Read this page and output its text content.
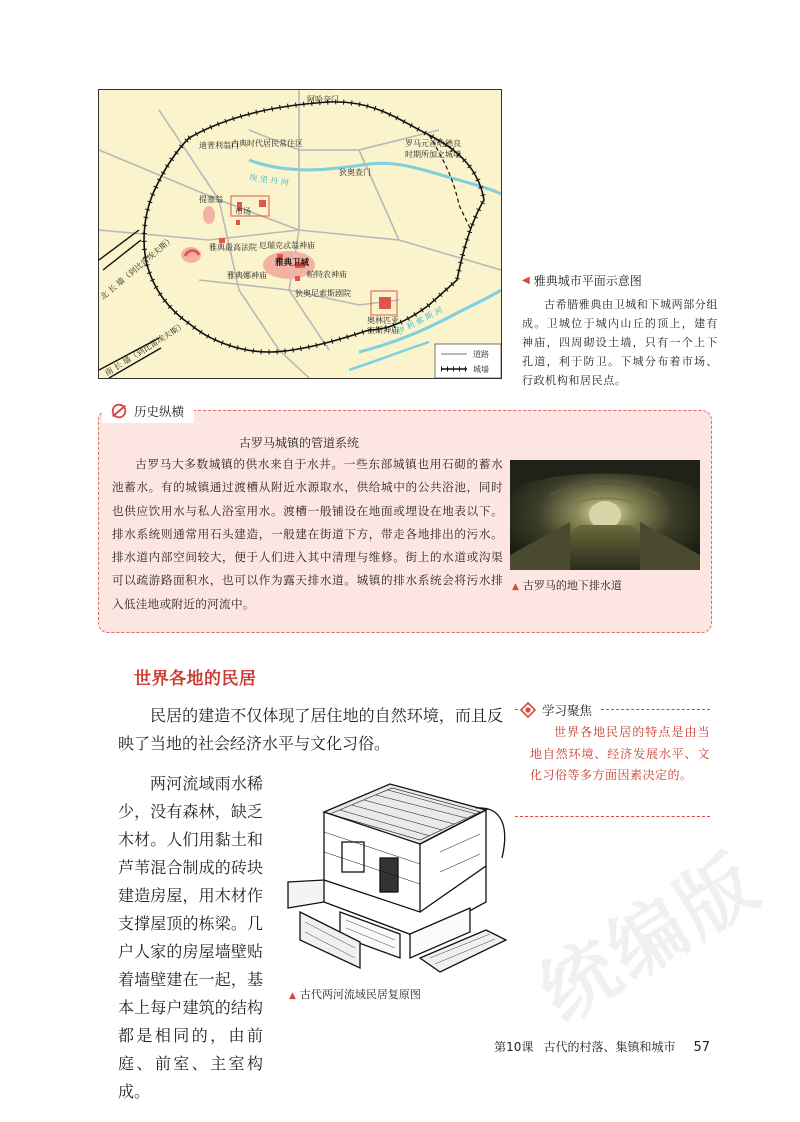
阿哈奈门
迪普利翁门
古典时代居民常住区	罗马元首哈德良
时期所加之城墙
狄奥查门
提塞翁
市场
雅典最高法院 厄瑞克忒翁神庙
雅典卫城
雅典娜神庙	帕特农神庙
狄奥尼索斯剧院
奥林匹亚
宙斯神庙
埃 里 丹 河
伊 利 索 斯 河
北 长 墙（到比雷埃夫斯）
南 长 墙（到比雷埃夫斯）	道路
城墙
◀ 雅典城市平面示意图

古希腊雅典由卫城和下城两部分组成。卫城位于城内山丘的顶上，建有神庙，四周砌设土墙，只有一个上下孔道，利于防卫。下城分布着市场、行政机构和居民点。

历史纵横
古罗马城镇的管道系统

古罗马大多数城镇的供水来自于水井。一些东部城镇也用石砌的蓄水池蓄水。有的城镇通过渡槽从附近水源取水，供给城中的公共浴池，同时也供应饮用水与私人浴室用水。渡槽一般铺设在地面或埋设在地表以下。排水系统则通常用石头建造，一般建在街道下方，带走各地排出的污水。排水道内部空间较大，便于人们进入其中清理与维修。街上的水道或沟渠可以疏游路面积水，也可以作为露天排水道。城镇的排水系统会将污水排入低洼地或附近的河流中。

▲ 古罗马的地下排水道
世界各地的民居

民居的建造不仅体现了居住地的自然环境，而且反映了当地的社会经济水平与文化习俗。

两河流域雨水稀少，没有森林，缺乏木材。人们用黏土和芦苇混合制成的砖块建造房屋，用木材作支撑屋顶的栋梁。几户人家的房屋墙壁贴着墙壁建在一起，基本上每户建筑的结构都是相同的，由前庭、前室、主室构成。

▲ 古代两河流域民居复原图
学习聚焦

世界各地民居的特点是由当地自然环境、经济发展水平、文化习俗等多方面因素决定的。

统编版
第10课 古代的村落、集镇和城市 57
